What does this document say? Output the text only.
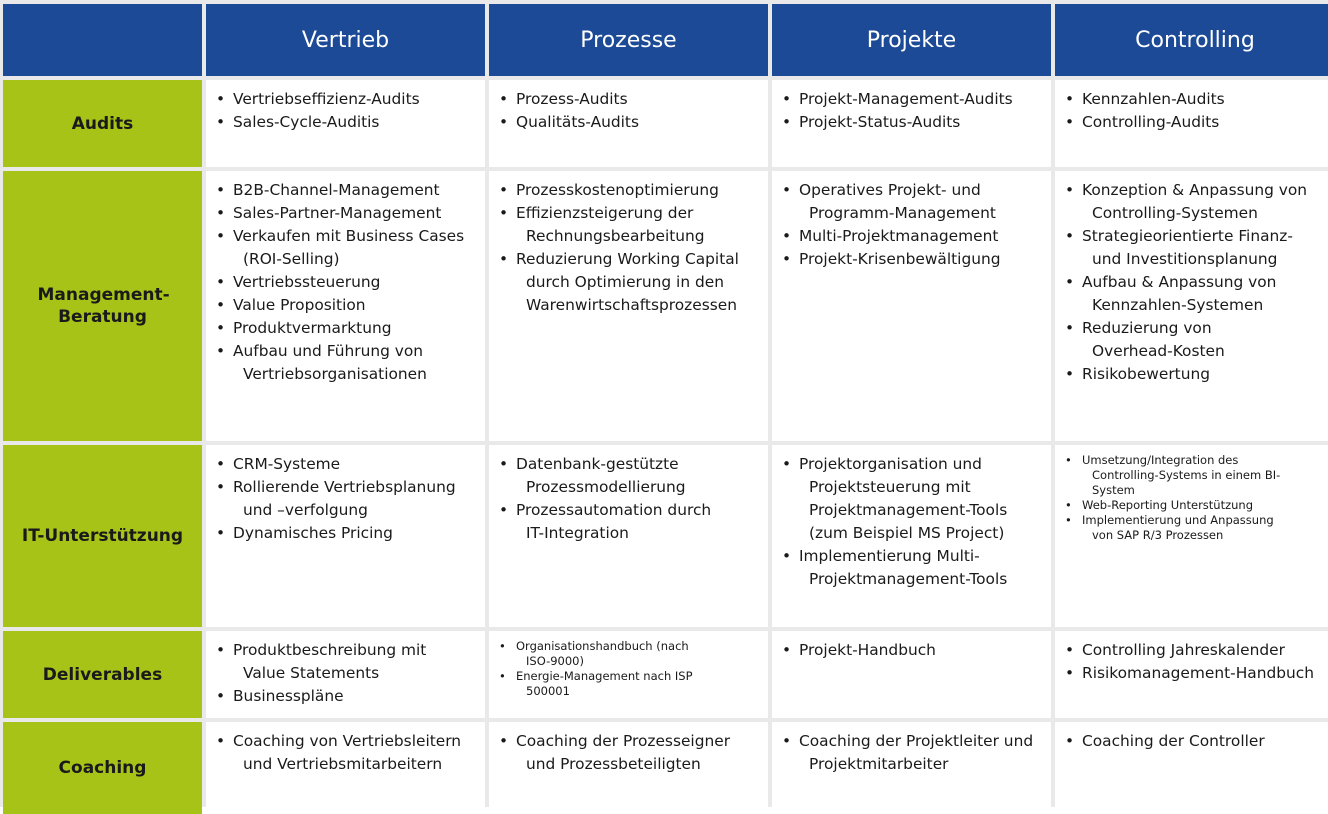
Vertrieb	Prozesse	Projekte	Controlling
Audits
• Vertriebseffizienz-Audits
• Sales-Cycle-Auditis
• Prozess-Audits
• Qualitäts-Audits
• Projekt-Management-Audits
• Projekt-Status-Audits
• Kennzahlen-Audits
• Controlling-Audits
Management-Beratung
• B2B-Channel-Management
• Sales-Partner-Management
• Verkaufen mit Business Cases
(ROI-Selling)
• Vertriebssteuerung
• Value Proposition
• Produktvermarktung
• Aufbau und Führung von
Vertriebsorganisationen
• Prozesskostenoptimierung
• Effizienzsteigerung der
Rechnungsbearbeitung
• Reduzierung Working Capital
durch Optimierung in den
Warenwirtschaftsprozessen
• Operatives Projekt- und
Programm-Management
• Multi-Projektmanagement
• Projekt-Krisenbewältigung
• Konzeption & Anpassung von
Controlling-Systemen
• Strategieorientierte Finanz-
und Investitionsplanung
• Aufbau & Anpassung von
Kennzahlen-Systemen
• Reduzierung von
Overhead-Kosten
• Risikobewertung
IT-Unterstützung
• CRM-Systeme
• Rollierende Vertriebsplanung
und –verfolgung
• Dynamisches Pricing
• Datenbank-gestützte
Prozessmodellierung
• Prozessautomation durch
IT-Integration
• Projektorganisation und
Projektsteuerung mit
Projektmanagement-Tools
(zum Beispiel MS Project)
• Implementierung Multi-
Projektmanagement-Tools
• Umsetzung/Integration des
Controlling-Systems in einem BI-
System
• Web-Reporting Unterstützung
• Implementierung und Anpassung
von SAP R/3 Prozessen
Deliverables
• Produktbeschreibung mit
Value Statements
• Businesspläne
• Organisationshandbuch (nach
ISO-9000)
• Energie-Management nach ISP
500001
• Projekt-Handbuch
•	Controlling Jahreskalender
• Risikomanagement-Handbuch
Coaching
• Coaching von Vertriebsleitern
und Vertriebsmitarbeitern
• Coaching der Prozesseigner
und Prozessbeteiligten
• Coaching der Projektleiter und
Projektmitarbeiter
• Coaching der Controller
